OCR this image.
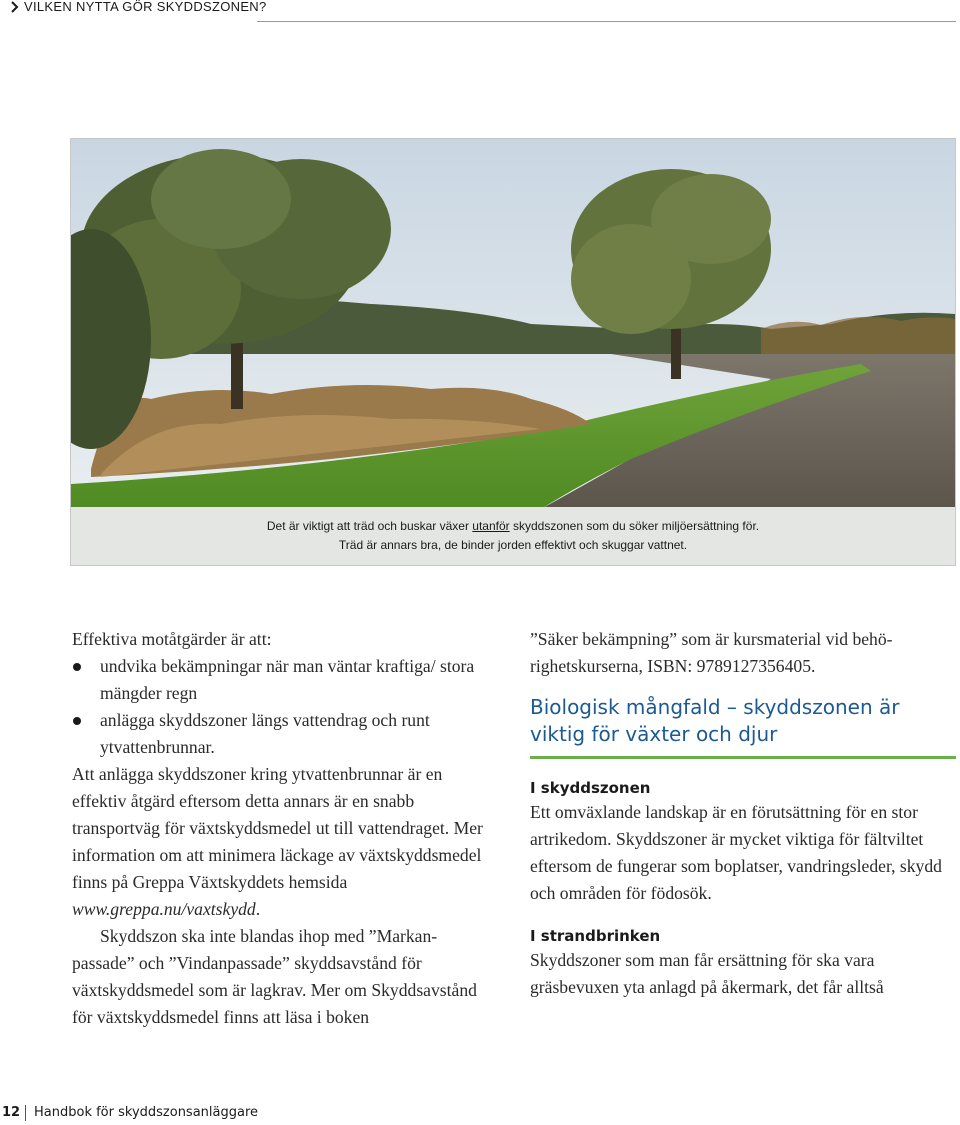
VILKEN NYTTA GÖR SKYDDSZONEN?
Det är viktigt att träd och buskar växer utanför skyddszonen som du söker miljöersättning för.
Träd är annars bra, de binder jorden effektivt och skuggar vattnet.

Effektiva motåtgärder är att:

undvika bekämpningar när man väntar kraftiga/ stora mängder regn
anlägga skyddszoner längs vattendrag och runt ytvattenbrunnar.

Att anlägga skyddszoner kring ytvattenbrunnar är en effektiv åtgärd eftersom detta annars är en snabb transportväg för växtskyddsmedel ut till vattendraget. Mer information om att minimera läckage av växtskyddsmedel finns på Greppa Växtskyddets hemsida www.greppa.nu/vaxtskydd.

Skyddszon ska inte blandas ihop med ”Markanpassade” och ”Vindanpassade” skyddsavstånd för växtskyddsmedel som är lagkrav. Mer om Skyddsavstånd för växtskyddsmedel finns att läsa i boken

”Säker bekämpning” som är kursmaterial vid behörighetskurserna, ISBN: 9789127356405.

Biologisk mångfald – skyddszonen är viktig för växter och djur
I skyddszonen

Ett omväxlande landskap är en förutsättning för en stor artrikedom. Skyddszoner är mycket viktiga för fältviltet eftersom de fungerar som boplatser, vandringsleder, skydd och områden för födosök.

I strandbrinken

Skyddszoner som man får ersättning för ska vara gräsbevuxen yta anlagd på åkermark, det får alltså

12 Handbok för skyddszonsanläggare
